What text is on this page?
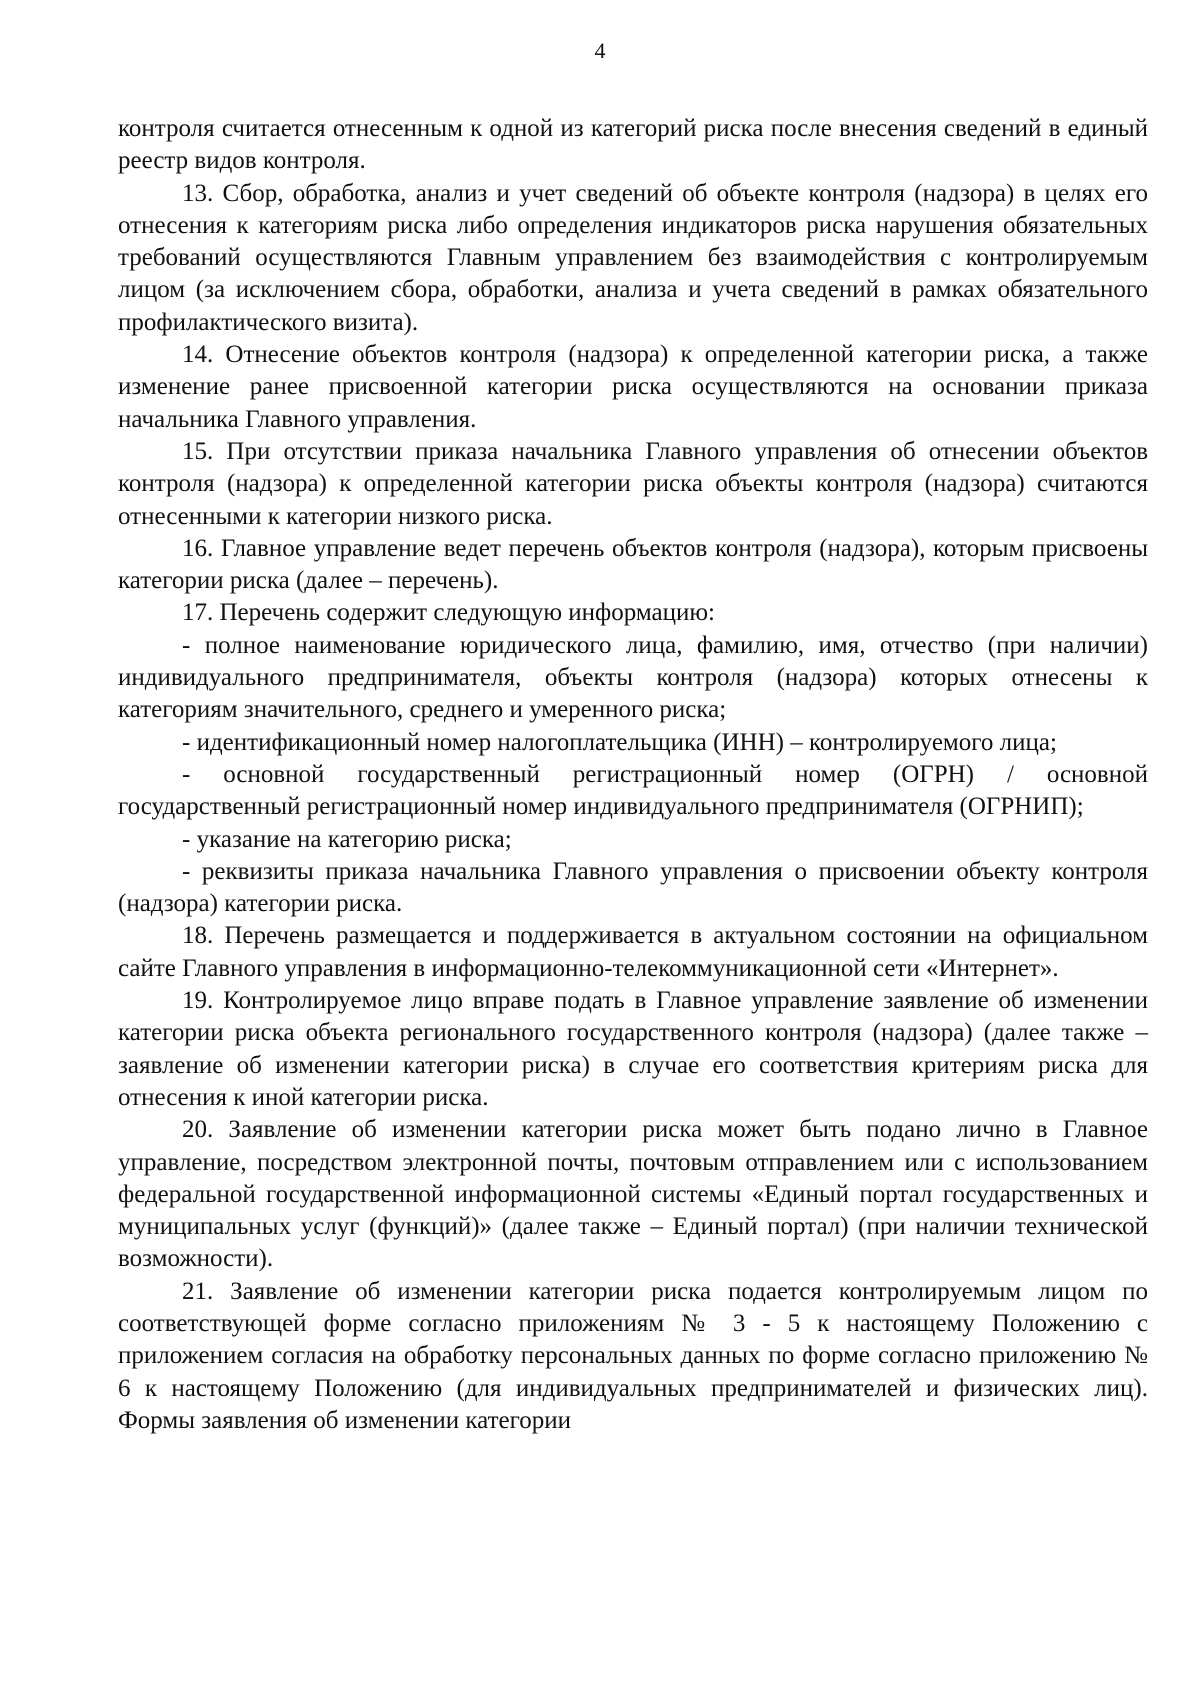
4

контроля считается отнесенным к одной из категорий риска после внесения сведений в единый реестр видов контроля.

13. Сбор, обработка, анализ и учет сведений об объекте контроля (надзора) в целях его отнесения к категориям риска либо определения индикаторов риска нарушения обязательных требований осуществляются Главным управлением без взаимодействия с контролируемым лицом (за исключением сбора, обработки, анализа и учета сведений в рамках обязательного профилактического визита).

14. Отнесение объектов контроля (надзора) к определенной категории риска, а также изменение ранее присвоенной категории риска осуществляются на основании приказа начальника Главного управления.

15. При отсутствии приказа начальника Главного управления об отнесении объектов контроля (надзора) к определенной категории риска объекты контроля (надзора) считаются отнесенными к категории низкого риска.

16. Главное управление ведет перечень объектов контроля (надзора), которым присвоены категории риска (далее – перечень).

17. Перечень содержит следующую информацию:

- полное наименование юридического лица, фамилию, имя, отчество (при наличии) индивидуального предпринимателя, объекты контроля (надзора) которых отнесены к категориям значительного, среднего и умеренного риска;

- идентификационный номер налогоплательщика (ИНН) – контролируемого лица;

- основной государственный регистрационный номер (ОГРН) / основной государственный регистрационный номер индивидуального предпринимателя (ОГРНИП);

- указание на категорию риска;

- реквизиты приказа начальника Главного управления о присвоении объекту контроля (надзора) категории риска.

18. Перечень размещается и поддерживается в актуальном состоянии на официальном сайте Главного управления в информационно-телекоммуникационной сети «Интернет».

19. Контролируемое лицо вправе подать в Главное управление заявление об изменении категории риска объекта регионального государственного контроля (надзора) (далее также – заявление об изменении категории риска) в случае его соответствия критериям риска для отнесения к иной категории риска.

20. Заявление об изменении категории риска может быть подано лично в Главное управление, посредством электронной почты, почтовым отправлением или с использованием федеральной государственной информационной системы «Единый портал государственных и муниципальных услуг (функций)» (далее также – Единый портал) (при наличии технической возможности).

21. Заявление об изменении категории риска подается контролируемым лицом по соответствующей форме согласно приложениям № 3 - 5 к настоящему Положению с приложением согласия на обработку персональных данных по форме согласно приложению № 6 к настоящему Положению (для индивидуальных предпринимателей и физических лиц). Формы заявления об изменении категории
